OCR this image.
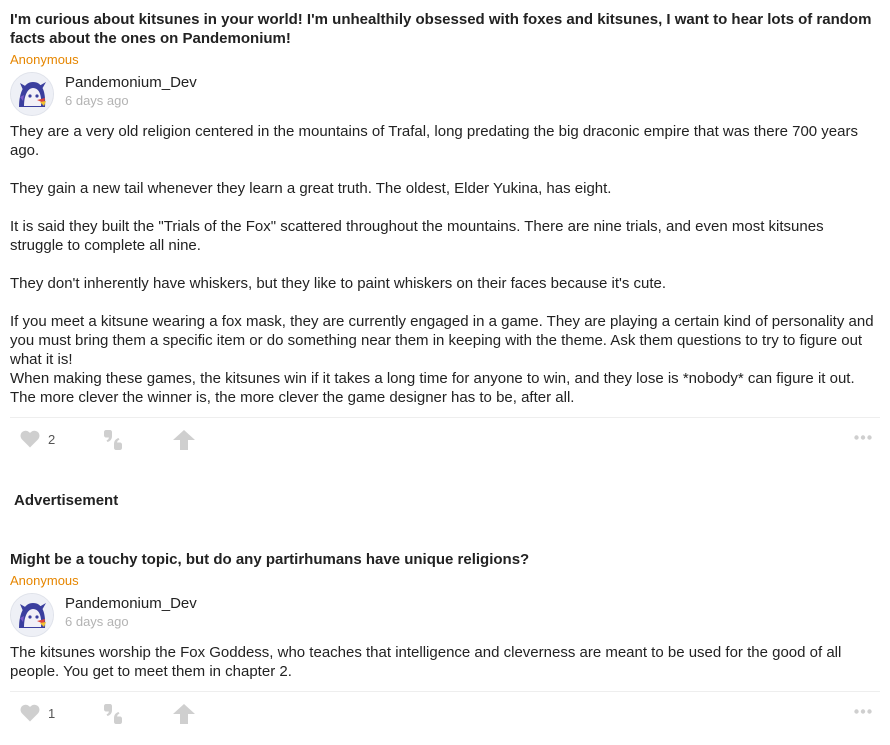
I'm curious about kitsunes in your world! I'm unhealthily obsessed with foxes and kitsunes, I want to hear lots of random facts about the ones on Pandemonium!
Anonymous
Pandemonium_Dev
6 days ago

They are a very old religion centered in the mountains of Trafal, long predating the big draconic empire that was there 700 years ago.

They gain a new tail whenever they learn a great truth. The oldest, Elder Yukina, has eight.

It is said they built the "Trials of the Fox" scattered throughout the mountains. There are nine trials, and even most kitsunes struggle to complete all nine.

They don't inherently have whiskers, but they like to paint whiskers on their faces because it's cute.

If you meet a kitsune wearing a fox mask, they are currently engaged in a game. They are playing a certain kind of personality and you must bring them a specific item or do something near them in keeping with the theme. Ask them questions to try to figure out what it is!

When making these games, the kitsunes win if it takes a long time for anyone to win, and they lose is *nobody* can figure it out. The more clever the winner is, the more clever the game designer has to be, after all.

2
Advertisement
Might be a touchy topic, but do any partirhumans have unique religions?
Anonymous
Pandemonium_Dev
6 days ago

The kitsunes worship the Fox Goddess, who teaches that intelligence and cleverness are meant to be used for the good of all people. You get to meet them in chapter 2.

1
